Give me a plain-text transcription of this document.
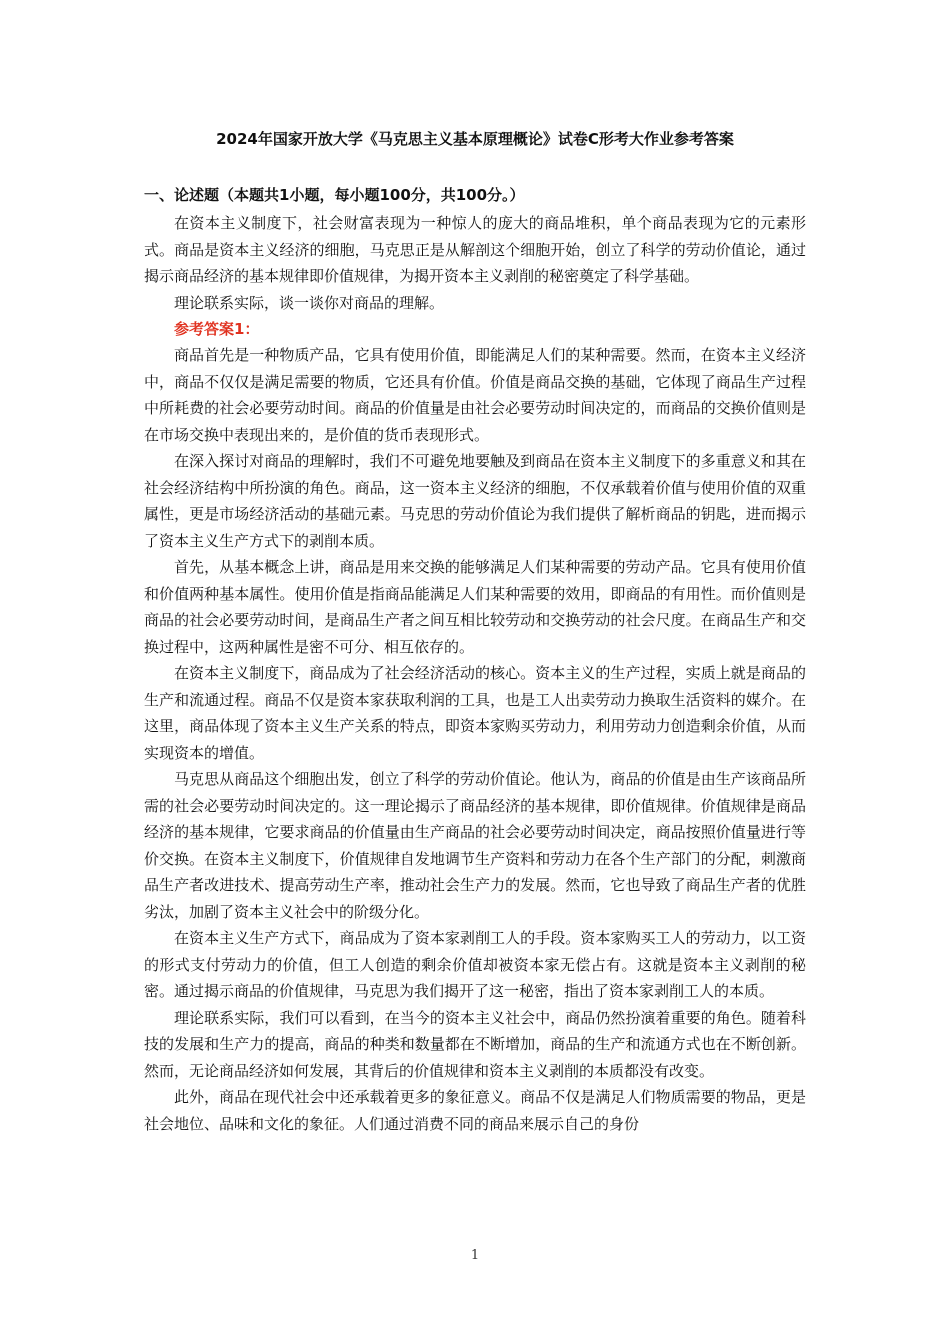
2024年国家开放大学《马克思主义基本原理概论》试卷C形考大作业参考答案
一、论述题（本题共1小题，每小题100分，共100分。）

在资本主义制度下，社会财富表现为一种惊人的庞大的商品堆积，单个商品表现为它的元素形式。商品是资本主义经济的细胞，马克思正是从解剖这个细胞开始，创立了科学的劳动价值论，通过揭示商品经济的基本规律即价值规律，为揭开资本主义剥削的秘密奠定了科学基础。

理论联系实际，谈一谈你对商品的理解。

参考答案1：

商品首先是一种物质产品，它具有使用价值，即能满足人们的某种需要。然而，在资本主义经济中，商品不仅仅是满足需要的物质，它还具有价值。价值是商品交换的基础，它体现了商品生产过程中所耗费的社会必要劳动时间。商品的价值量是由社会必要劳动时间决定的，而商品的交换价值则是在市场交换中表现出来的，是价值的货币表现形式。

在深入探讨对商品的理解时，我们不可避免地要触及到商品在资本主义制度下的多重意义和其在社会经济结构中所扮演的角色。商品，这一资本主义经济的细胞，不仅承载着价值与使用价值的双重属性，更是市场经济活动的基础元素。马克思的劳动价值论为我们提供了解析商品的钥匙，进而揭示了资本主义生产方式下的剥削本质。

首先，从基本概念上讲，商品是用来交换的能够满足人们某种需要的劳动产品。它具有使用价值和价值两种基本属性。使用价值是指商品能满足人们某种需要的效用，即商品的有用性。而价值则是商品的社会必要劳动时间，是商品生产者之间互相比较劳动和交换劳动的社会尺度。在商品生产和交换过程中，这两种属性是密不可分、相互依存的。

在资本主义制度下，商品成为了社会经济活动的核心。资本主义的生产过程，实质上就是商品的生产和流通过程。商品不仅是资本家获取利润的工具，也是工人出卖劳动力换取生活资料的媒介。在这里，商品体现了资本主义生产关系的特点，即资本家购买劳动力，利用劳动力创造剩余价值，从而实现资本的增值。

马克思从商品这个细胞出发，创立了科学的劳动价值论。他认为，商品的价值是由生产该商品所需的社会必要劳动时间决定的。这一理论揭示了商品经济的基本规律，即价值规律。价值规律是商品经济的基本规律，它要求商品的价值量由生产商品的社会必要劳动时间决定，商品按照价值量进行等价交换。在资本主义制度下，价值规律自发地调节生产资料和劳动力在各个生产部门的分配，刺激商品生产者改进技术、提高劳动生产率，推动社会生产力的发展。然而，它也导致了商品生产者的优胜劣汰，加剧了资本主义社会中的阶级分化。

在资本主义生产方式下，商品成为了资本家剥削工人的手段。资本家购买工人的劳动力，以工资的形式支付劳动力的价值，但工人创造的剩余价值却被资本家无偿占有。这就是资本主义剥削的秘密。通过揭示商品的价值规律，马克思为我们揭开了这一秘密，指出了资本家剥削工人的本质。

理论联系实际，我们可以看到，在当今的资本主义社会中，商品仍然扮演着重要的角色。随着科技的发展和生产力的提高，商品的种类和数量都在不断增加，商品的生产和流通方式也在不断创新。然而，无论商品经济如何发展，其背后的价值规律和资本主义剥削的本质都没有改变。

此外，商品在现代社会中还承载着更多的象征意义。商品不仅是满足人们物质需要的物品，更是社会地位、品味和文化的象征。人们通过消费不同的商品来展示自己的身份

1
